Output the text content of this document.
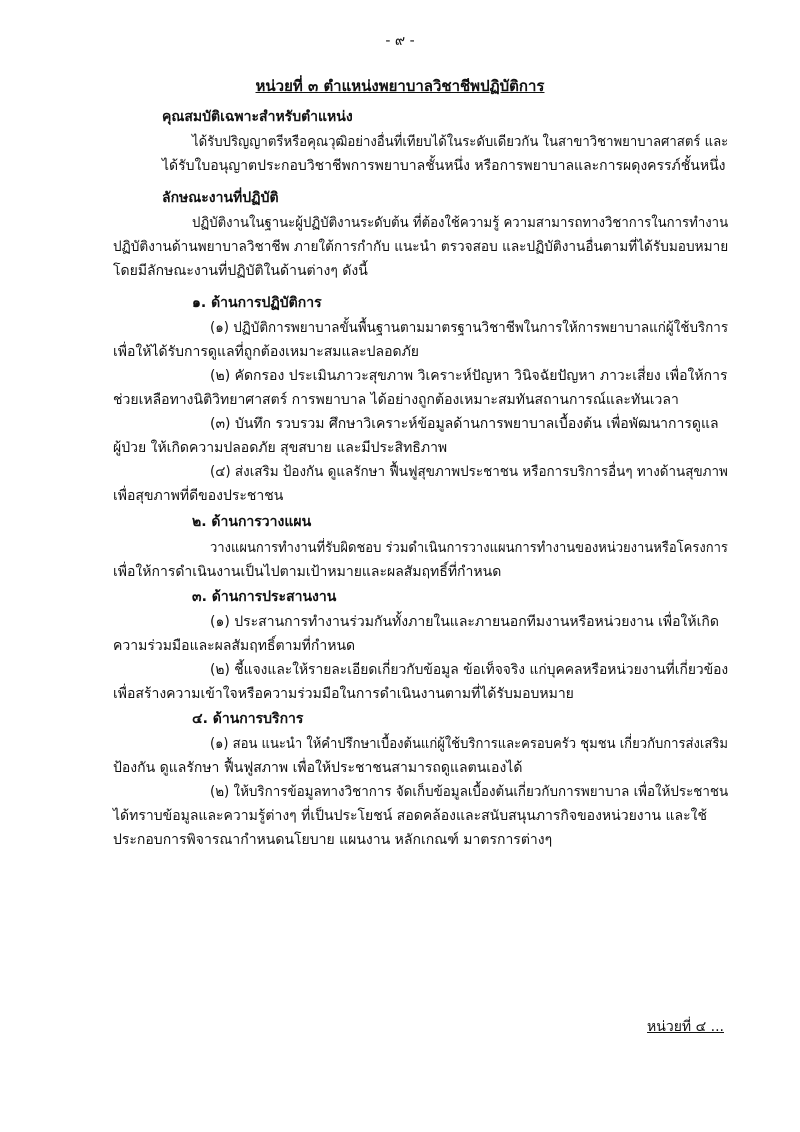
- ๙ -
หน่วยที่ ๓ ตำแหน่งพยาบาลวิชาชีพปฏิบัติการ
คุณสมบัติเฉพาะสำหรับตำแหน่ง
ได้รับปริญญาตรีหรือคุณวุฒิอย่างอื่นที่เทียบได้ในระดับเดียวกัน ในสาขาวิชาพยาบาลศาสตร์ และ
ได้รับใบอนุญาตประกอบวิชาชีพการพยาบาลชั้นหนึ่ง หรือการพยาบาลและการผดุงครรภ์ชั้นหนึ่ง
ลักษณะงานที่ปฏิบัติ
ปฏิบัติงานในฐานะผู้ปฏิบัติงานระดับต้น ที่ต้องใช้ความรู้ ความสามารถทางวิชาการในการทำงาน
ปฏิบัติงานด้านพยาบาลวิชาชีพ ภายใต้การกำกับ แนะนำ ตรวจสอบ และปฏิบัติงานอื่นตามที่ได้รับมอบหมาย
โดยมีลักษณะงานที่ปฏิบัติในด้านต่างๆ ดังนี้
๑. ด้านการปฏิบัติการ
(๑) ปฏิบัติการพยาบาลขั้นพื้นฐานตามมาตรฐานวิชาชีพในการให้การพยาบาลแก่ผู้ใช้บริการ
เพื่อให้ได้รับการดูแลที่ถูกต้องเหมาะสมและปลอดภัย
(๒) คัดกรอง ประเมินภาวะสุขภาพ วิเคราะห์ปัญหา วินิจฉัยปัญหา ภาวะเสี่ยง เพื่อให้การ
ช่วยเหลือทางนิติวิทยาศาสตร์ การพยาบาล ได้อย่างถูกต้องเหมาะสมทันสถานการณ์และทันเวลา
(๓) บันทึก รวบรวม ศึกษาวิเคราะห์ข้อมูลด้านการพยาบาลเบื้องต้น เพื่อพัฒนาการดูแล
ผู้ป่วย ให้เกิดความปลอดภัย สุขสบาย และมีประสิทธิภาพ
(๔) ส่งเสริม ป้องกัน ดูแลรักษา ฟื้นฟูสุขภาพประชาชน หรือการบริการอื่นๆ ทางด้านสุขภาพ
เพื่อสุขภาพที่ดีของประชาชน
๒. ด้านการวางแผน
วางแผนการทำงานที่รับผิดชอบ ร่วมดำเนินการวางแผนการทำงานของหน่วยงานหรือโครงการ
เพื่อให้การดำเนินงานเป็นไปตามเป้าหมายและผลสัมฤทธิ์ที่กำหนด
๓. ด้านการประสานงาน
(๑) ประสานการทำงานร่วมกันทั้งภายในและภายนอกทีมงานหรือหน่วยงาน เพื่อให้เกิด
ความร่วมมือและผลสัมฤทธิ์ตามที่กำหนด
(๒) ชี้แจงและให้รายละเอียดเกี่ยวกับข้อมูล ข้อเท็จจริง แก่บุคคลหรือหน่วยงานที่เกี่ยวข้อง
เพื่อสร้างความเข้าใจหรือความร่วมมือในการดำเนินงานตามที่ได้รับมอบหมาย
๔. ด้านการบริการ
(๑) สอน แนะนำ ให้คำปรึกษาเบื้องต้นแก่ผู้ใช้บริการและครอบครัว ชุมชน เกี่ยวกับการส่งเสริม
ป้องกัน ดูแลรักษา ฟื้นฟูสภาพ เพื่อให้ประชาชนสามารถดูแลตนเองได้
(๒) ให้บริการข้อมูลทางวิชาการ จัดเก็บข้อมูลเบื้องต้นเกี่ยวกับการพยาบาล เพื่อให้ประชาชน
ได้ทราบข้อมูลและความรู้ต่างๆ ที่เป็นประโยชน์ สอดคล้องและสนับสนุนภารกิจของหน่วยงาน และใช้
ประกอบการพิจารณากำหนดนโยบาย แผนงาน หลักเกณฑ์ มาตรการต่างๆ
หน่วยที่ ๔ ...
